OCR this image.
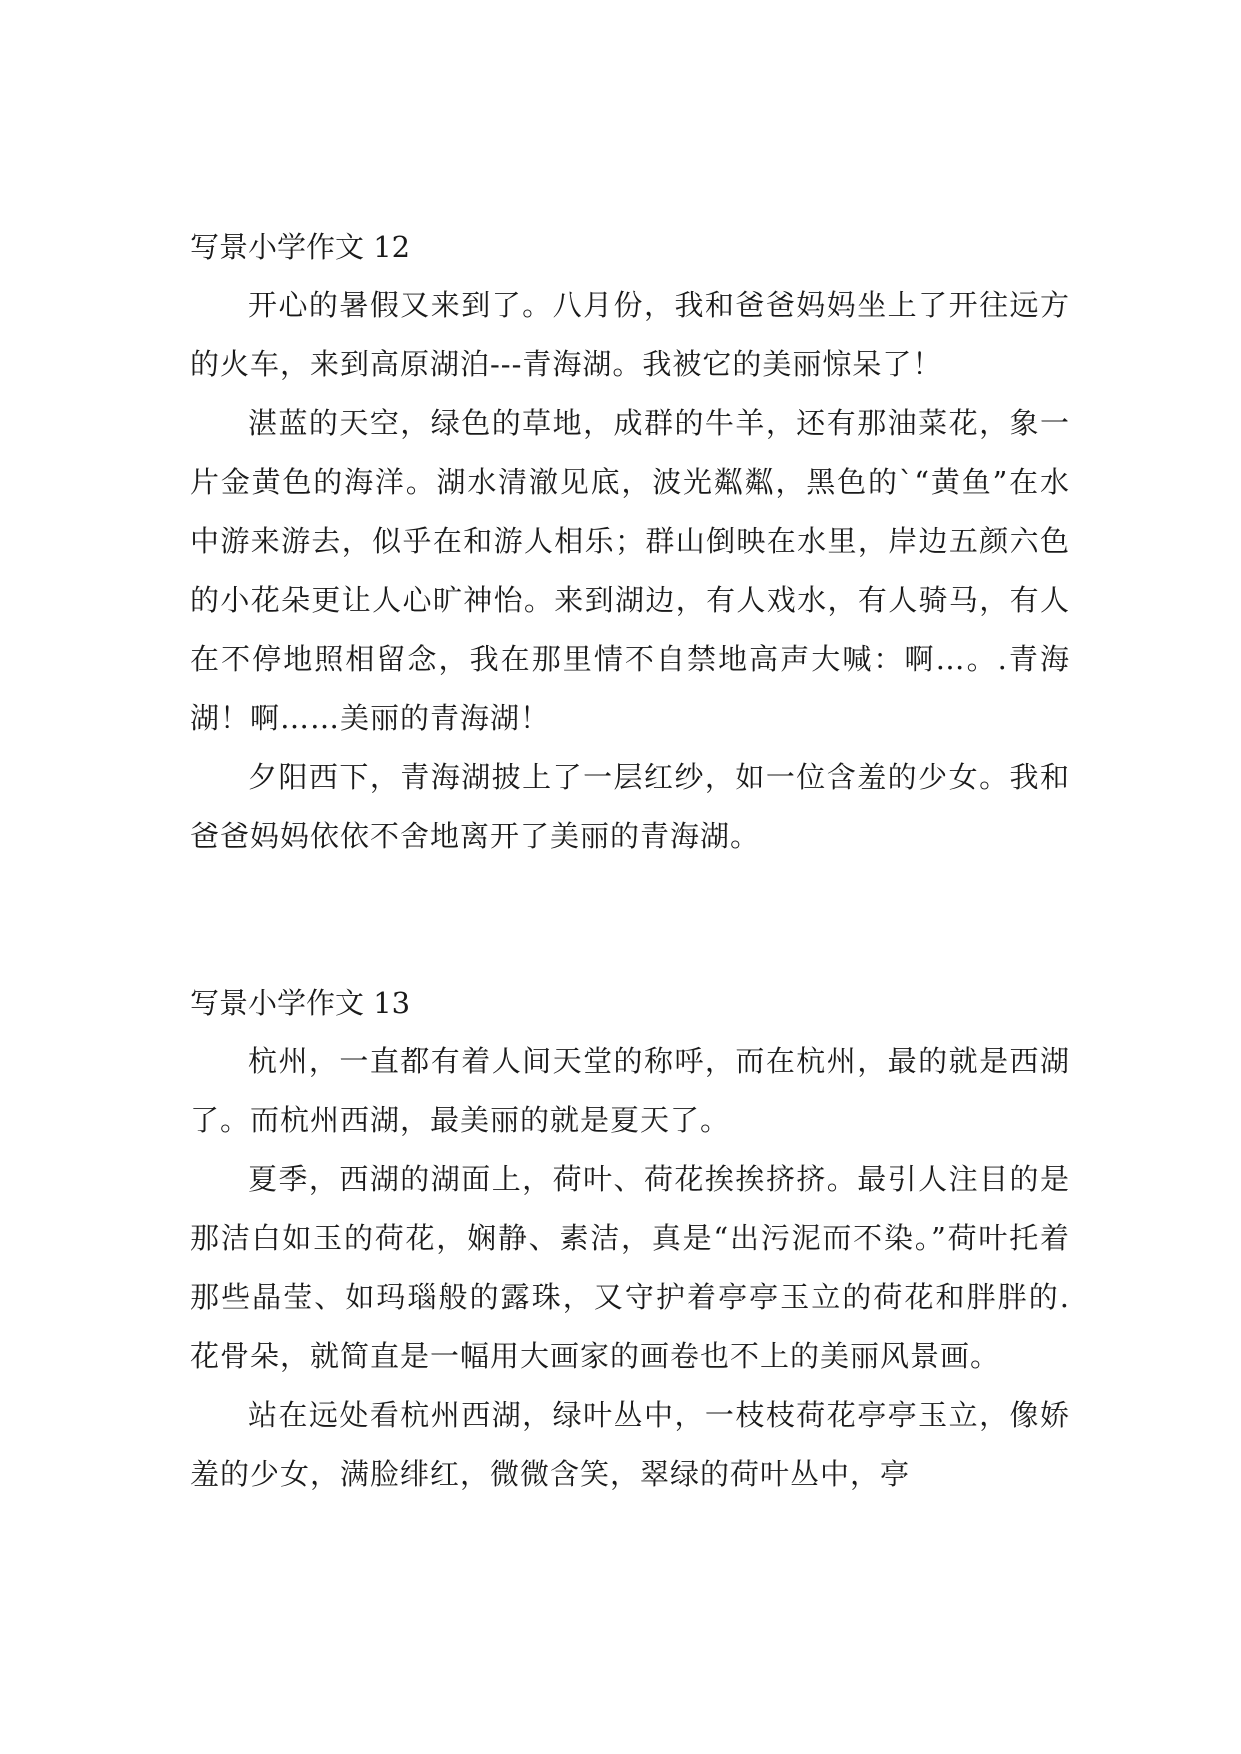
写景小学作文 12

开心的暑假又来到了。八月份，我和爸爸妈妈坐上了开往远方的火车，来到高原湖泊---青海湖。我被它的美丽惊呆了！

湛蓝的天空，绿色的草地，成群的牛羊，还有那油菜花，象一片金黄色的海洋。湖水清澈见底，波光粼粼，黑色的`“黄鱼”在水中游来游去，似乎在和游人相乐；群山倒映在水里，岸边五颜六色的小花朵更让人心旷神怡。来到湖边，有人戏水，有人骑马，有人在不停地照相留念，我在那里情不自禁地高声大喊：啊…。.青海湖！啊……美丽的青海湖！

夕阳西下，青海湖披上了一层红纱，如一位含羞的少女。我和爸爸妈妈依依不舍地离开了美丽的青海湖。

写景小学作文 13

杭州，一直都有着人间天堂的称呼，而在杭州，最的就是西湖了。而杭州西湖，最美丽的就是夏天了。

夏季，西湖的湖面上，荷叶、荷花挨挨挤挤。最引人注目的是那洁白如玉的荷花，娴静、素洁，真是“出污泥而不染。”荷叶托着那些晶莹、如玛瑙般的露珠，又守护着亭亭玉立的荷花和胖胖的.花骨朵，就简直是一幅用大画家的画卷也不上的美丽风景画。

站在远处看杭州西湖，绿叶丛中，一枝枝荷花亭亭玉立，像娇羞的少女，满脸绯红，微微含笑，翠绿的荷叶丛中，亭
